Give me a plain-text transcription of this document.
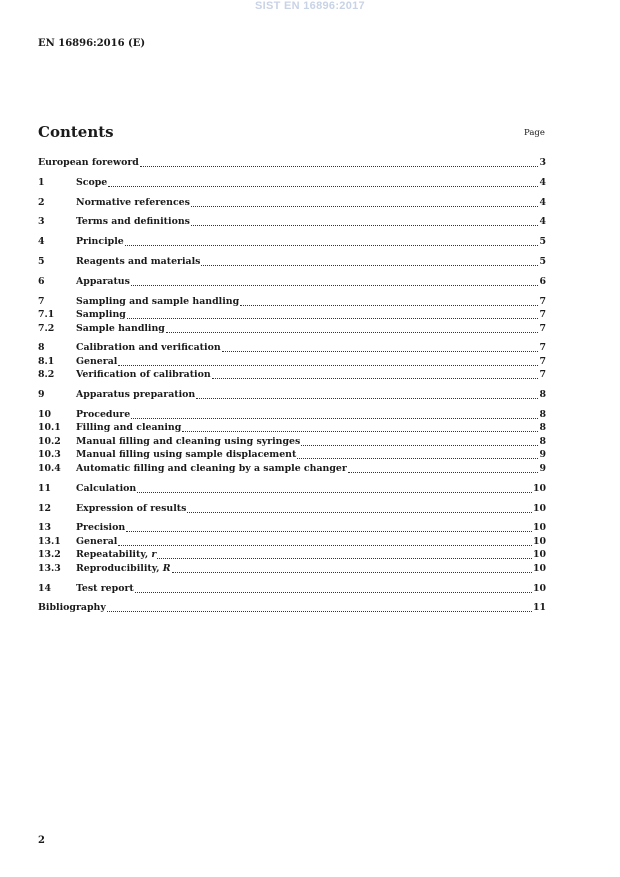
SIST EN 16896:2017
EN 16896:2016 (E)
Contents	Page
European foreword	3
1	Scope	4
2	Normative references	4
3	Terms and definitions	4
4	Principle	5
5	Reagents and materials	5
6	Apparatus	6
7	Sampling and sample handling	7
7.1	Sampling	7
7.2	Sample handling	7
8	Calibration and verification	7
8.1	General	7
8.2	Verification of calibration	7
9	Apparatus preparation	8
10	Procedure	8
10.1	Filling and cleaning	8
10.2	Manual filling and cleaning using syringes	8
10.3	Manual filling using sample displacement	9
10.4	Automatic filling and cleaning by a sample changer	9
11	Calculation	10
12	Expression of results	10
13	Precision	10
13.1	General	10
13.2	Repeatability, r	10
13.3	Reproducibility, R	10
14	Test report	10
Bibliography	11
2
